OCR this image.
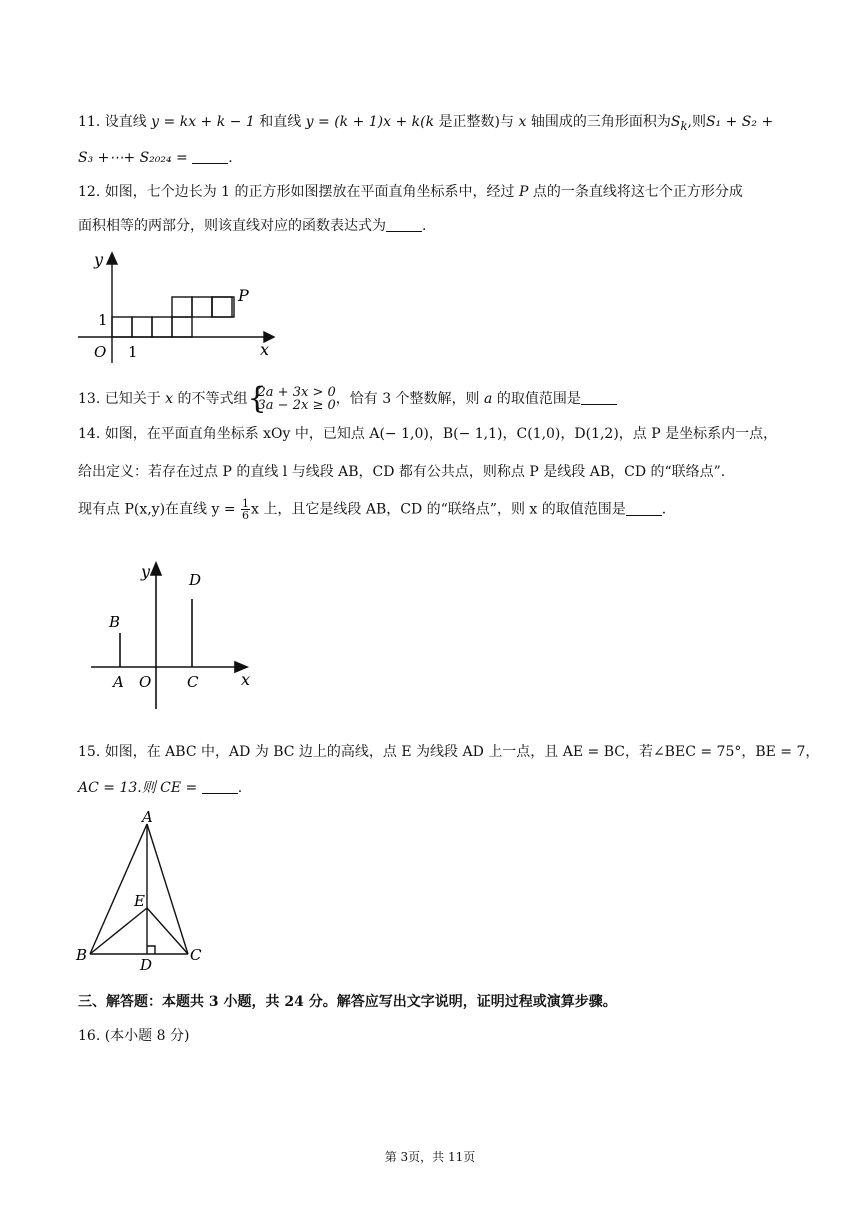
11. 设直线 y = kx + k − 1 和直线 y = (k + 1)x + k(k 是正整数)与 x 轴围成的三角形面积为$S_k$,则S₁ + S₂ +
S₃ +⋯+ S₂₀₂₄ =	.
12. 如图，七个边长为 1 的正方形如图摆放在平面直角坐标系中，经过 P 点的一条直线将这七个正方形分成
面积相等的两部分，则该直线对应的函数表达式为	.
y
x
O 1
1
P
13. 已知关于 x 的不等式组 {
2a + 3x > 0
3a − 2x ≥ 0 ，恰有 3 个整数解，则 a 的取值范围是
14. 如图，在平面直角坐标系 xOy 中，已知点 A(− 1,0)，B(− 1,1)，C(1,0)，D(1,2)，点 P 是坐标系内一点，
给出定义：若存在过点 P 的直线 l 与线段 AB，CD 都有公共点，则称点 P 是线段 AB，CD 的“联络点”.
现有点 P(x,y)在直线 $y = \frac{1}{6}$ x 上，且它是线段 AB，CD 的“联络点”，则 x 的取值范围是	.
y
x
A
B
O C
D
15. 如图，在 ABC 中，AD 为 BC 边上的高线，点 E 为线段 AD 上一点，且 AE = BC，若∠BEC = 75°，BE = 7，
AC = 13.则 CE =	.
A
B	C
D
E
三、解答题：本题共 3 小题，共 24 分。解答应写出文字说明，证明过程或演算步骤。
16. (本小题 8 分)
第 3页，共 11页
